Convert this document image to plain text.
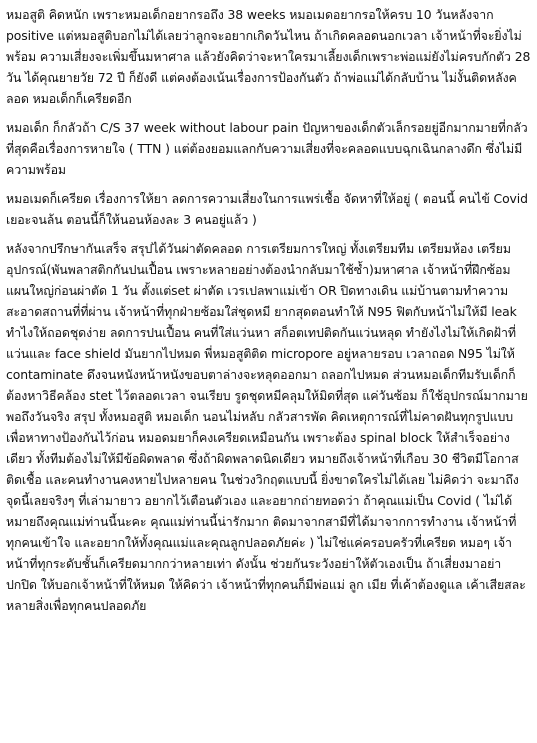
หมอสูติ คิดหนัก เพราะหมอเด็กอยากรอถึง 38 weeks หมอเมดอยากรอให้ครบ 10 วันหลังจาก positive แต่หมอสูติบอกไม่ได้เลยว่าลูกจะอยากเกิดวันไหน ถ้าเกิดคลอดนอกเวลา เจ้าหน้าที่จะยิ่งไม่พร้อม ความเสี่ยงจะเพิ่มขึ้นมหาศาล แล้วยังคิดว่าจะหาใครมาเลี้ยงเด็กเพราะพ่อแม่ยังไม่ครบกักตัว 28 วัน ได้คุณยายวัย 72 ปี ก็ยังดี แต่คงต้องเน้นเรื่องการป้องกันตัว ถ้าพ่อแม่ได้กลับบ้าน ไม่งั้นติดหลังคลอด หมอเด็กก็เครียดอีก

หมอเด็ก ก็กลัวถ้า C/S 37 week without labour pain ปัญหาของเด็กตัวเล็กรอยยู่อีกมากมายที่กลัวที่สุดคือเรื่องการหายใจ ( TTN ) แต่ต้องยอมแลกกับความเสี่ยงที่จะคลอดแบบฉุกเฉินกลางดึก ซึ่งไม่มีความพร้อม

หมอเมดก็เครียด เรื่องการให้ยา ลดการความเสี่ยงในการแพร่เชื้อ จัดหาที่ให้อยู่ ( ตอนนี้ คนไข้ Covid เยอะจนล้น ตอนนี้ก็ให้นอนห้องละ 3 คนอยู่แล้ว )

หลังจากปรึกษากันเสร็จ สรุปได้วันผ่าตัดคลอด การเตรียมการใหญ่ ทั้งเตรียมทีม เตรียมห้อง เตรียมอุปกรณ์(พันพลาสติกกันปนเปื้อน เพราะหลายอย่างต้องนำกลับมาใช้ซ้ำ)มหาศาล เจ้าหน้าที่ฝึกซ้อมแผนใหญ่ก่อนผ่าตัด 1 วัน ตั้งแต่set ผ่าตัด เวรเปลพาแม่เข้า OR ปิดทางเดิน แม่บ้านตามทำความสะอาดสถานที่ที่ผ่าน เจ้าหน้าที่ทุกฝ่ายซ้อมใส่ชุดหมี ยากสุดตอนทำให้ N95 ฟิตกับหน้าไม่ให้มี leak ทำไงให้ถอดชุดง่าย ลดการปนเปื้อน คนที่ใส่แว่นหา สก็อตเทปติดกันแว่นหลุด ทำยังไงไม่ให้เกิดฝ้าที่แว่นและ face shield มันยากไปหมด พี่หมอสูติติด micropore อยู่หลายรอบ เวลาถอด N95 ไม่ให้ contaminate ดึงจนหนังหน้าหนังขอบตาล่างจะหลุดออกมา ถลอกไปหมด ส่วนหมอเด็กทีมรับเด็กก็ต้องหาวิธีคล้อง stet ไว้ตลอดเวลา จนเรียบ รูดชุดหมีคลุมให้มิดที่สุด แค่วันซ้อม ก็ใช้อุปกรณ์มากมาย พอถึงวันจริง สรุป ทั้งหมอสูติ หมอเด็ก นอนไม่หลับ กลัวสารพัด คิดเหตุการณ์ที่ไม่คาดฝันทุกรูปแบบเพื่อหาทางป้องกันไว้ก่อน หมอดมยาก็คงเครียดเหมือนกัน เพราะต้อง spinal block ให้สำเร็จอย่างเดียว ทั้งทีมต้องไม่ให้มีข้อผิดพลาด ซึ่งถ้าผิดพลาดนิดเดียว หมายถึงเจ้าหน้าที่เกือบ 30 ชีวิตมีโอกาสติดเชื้อ และคนทำงานคงหายไปหลายคน ในช่วงวิกฤตแบบนี้ ยิ่งขาดใครไม่ได้เลย ไม่คิดว่า จะมาถึงจุดนี้เลยจริงๆ ที่เล่ามายาว อยากไว้เตือนตัวเอง และอยากถ่ายทอดว่า ถ้าคุณแม่เป็น Covid ( ไม่ได้หมายถึงคุณแม่ท่านนี้นะคะ คุณแม่ท่านนี้น่ารักมาก ติดมาจากสามีที่ได้มาจากการทำงาน เจ้าหน้าที่ทุกคนเข้าใจ และอยากให้ทั้งคุณแม่และคุณลูกปลอดภัยค่ะ ) ไม่ใช่แค่ครอบครัวที่เครียด หมอๆ เจ้าหน้าที่ทุกระดับชั้นก็เครียดมากกว่าหลายเท่า ดังนั้น ช่วยกันระวังอย่าให้ตัวเองเป็น ถ้าเสี่ยงมาอย่าปกปิด ให้บอกเจ้าหน้าที่ให้หมด ให้คิดว่า เจ้าหน้าที่ทุกคนก็มีพ่อแม่ ลูก เมีย ที่เค้าต้องดูแล เค้าเสียสละหลายสิ่งเพื่อทุกคนปลอดภัย
